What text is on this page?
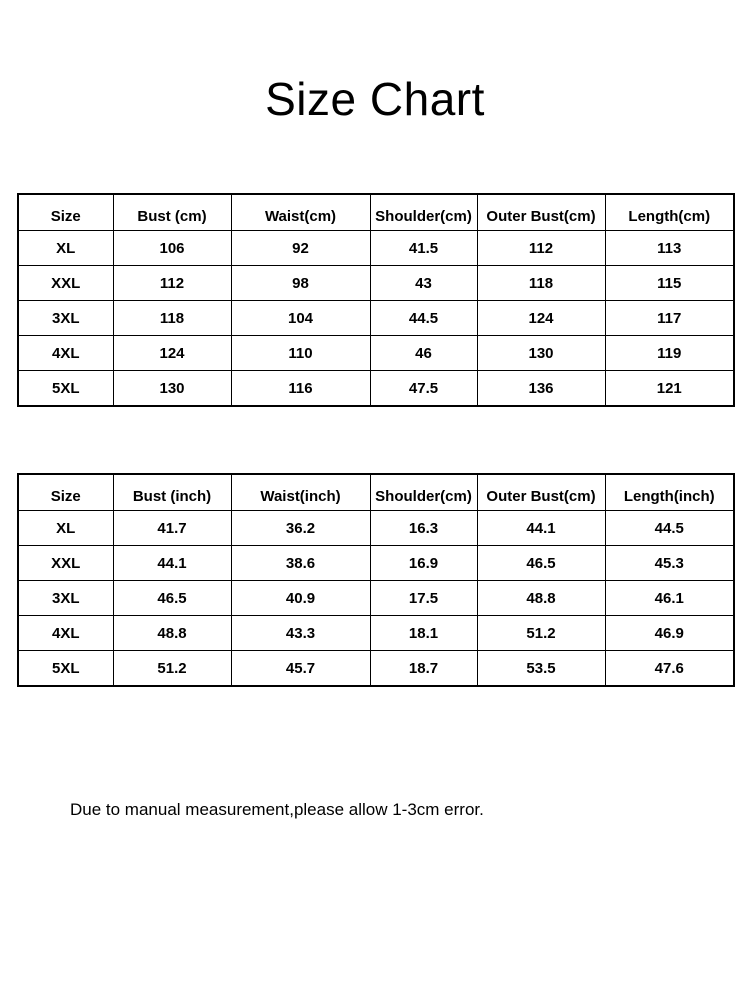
Size Chart
Size	Bust (cm)	Waist(cm)	Shoulder(cm)	Outer Bust(cm)	Length(cm)
XL	106	92	41.5	112	113
XXL	112	98	43	118	115
3XL	118	104	44.5	124	117
4XL	124	110	46	130	119
5XL	130	116	47.5	136	121
Size	Bust (inch)	Waist(inch)	Shoulder(cm)	Outer Bust(cm)	Length(inch)
XL	41.7	36.2	16.3	44.1	44.5
XXL	44.1	38.6	16.9	46.5	45.3
3XL	46.5	40.9	17.5	48.8	46.1
4XL	48.8	43.3	18.1	51.2	46.9
5XL	51.2	45.7	18.7	53.5	47.6

Due to manual measurement,please allow 1-3cm error.
